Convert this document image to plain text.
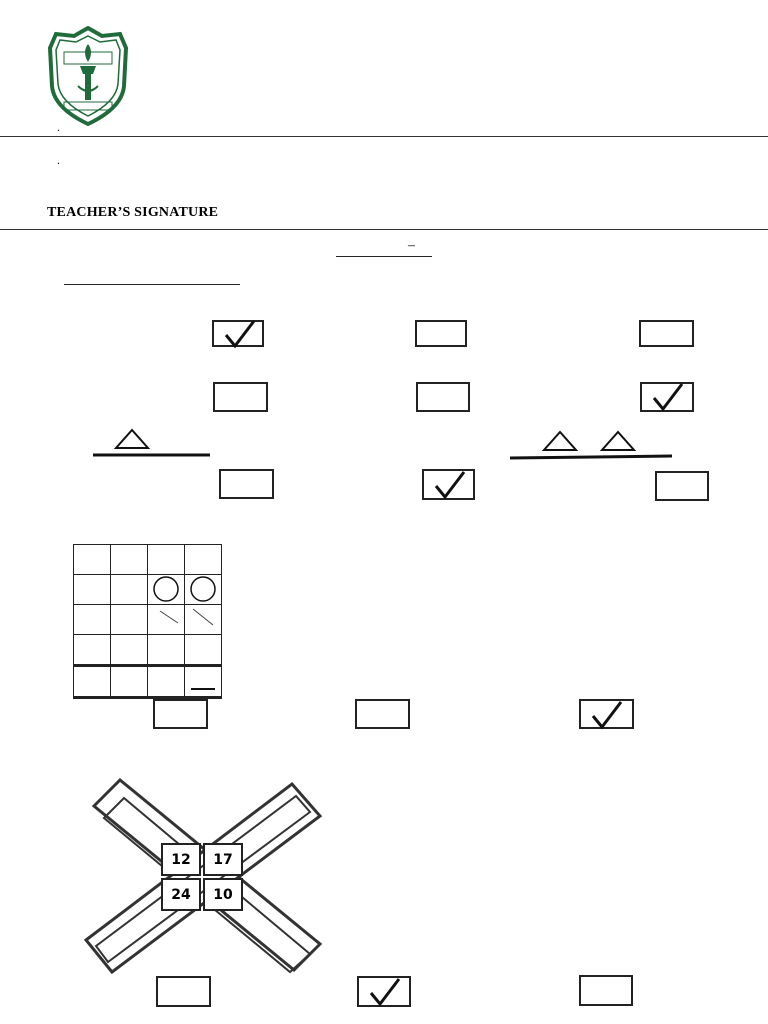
.
.
TEACHER’S SIGNATURE
–

12	17
24	10
